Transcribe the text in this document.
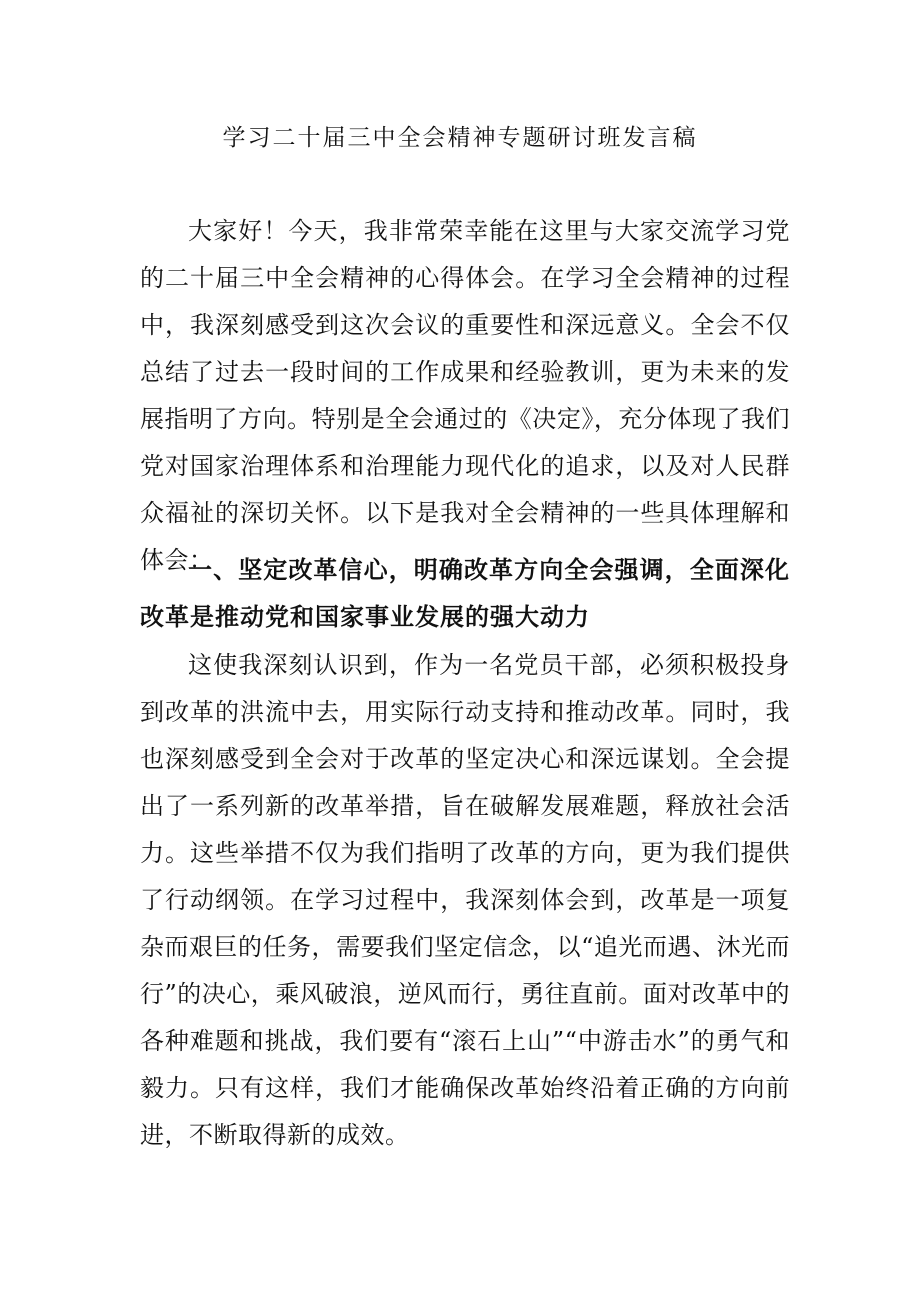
学习二十届三中全会精神专题研讨班发言稿

大家好！今天，我非常荣幸能在这里与大家交流学习党的二十届三中全会精神的心得体会。在学习全会精神的过程中，我深刻感受到这次会议的重要性和深远意义。全会不仅总结了过去一段时间的工作成果和经验教训，更为未来的发展指明了方向。特别是全会通过的《决定》，充分体现了我们党对国家治理体系和治理能力现代化的追求，以及对人民群众福祉的深切关怀。以下是我对全会精神的一些具体理解和体会：

一、坚定改革信心，明确改革方向全会强调，全面深化改革是推动党和国家事业发展的强大动力

这使我深刻认识到，作为一名党员干部，必须积极投身到改革的洪流中去，用实际行动支持和推动改革。同时，我也深刻感受到全会对于改革的坚定决心和深远谋划。全会提出了一系列新的改革举措，旨在破解发展难题，释放社会活力。这些举措不仅为我们指明了改革的方向，更为我们提供了行动纲领。在学习过程中，我深刻体会到，改革是一项复杂而艰巨的任务，需要我们坚定信念，以“追光而遇、沐光而行”的决心，乘风破浪，逆风而行，勇往直前。面对改革中的各种难题和挑战，我们要有“滚石上山”“中游击水”的勇气和毅力。只有这样，我们才能确保改革始终沿着正确的方向前进，不断取得新的成效。
